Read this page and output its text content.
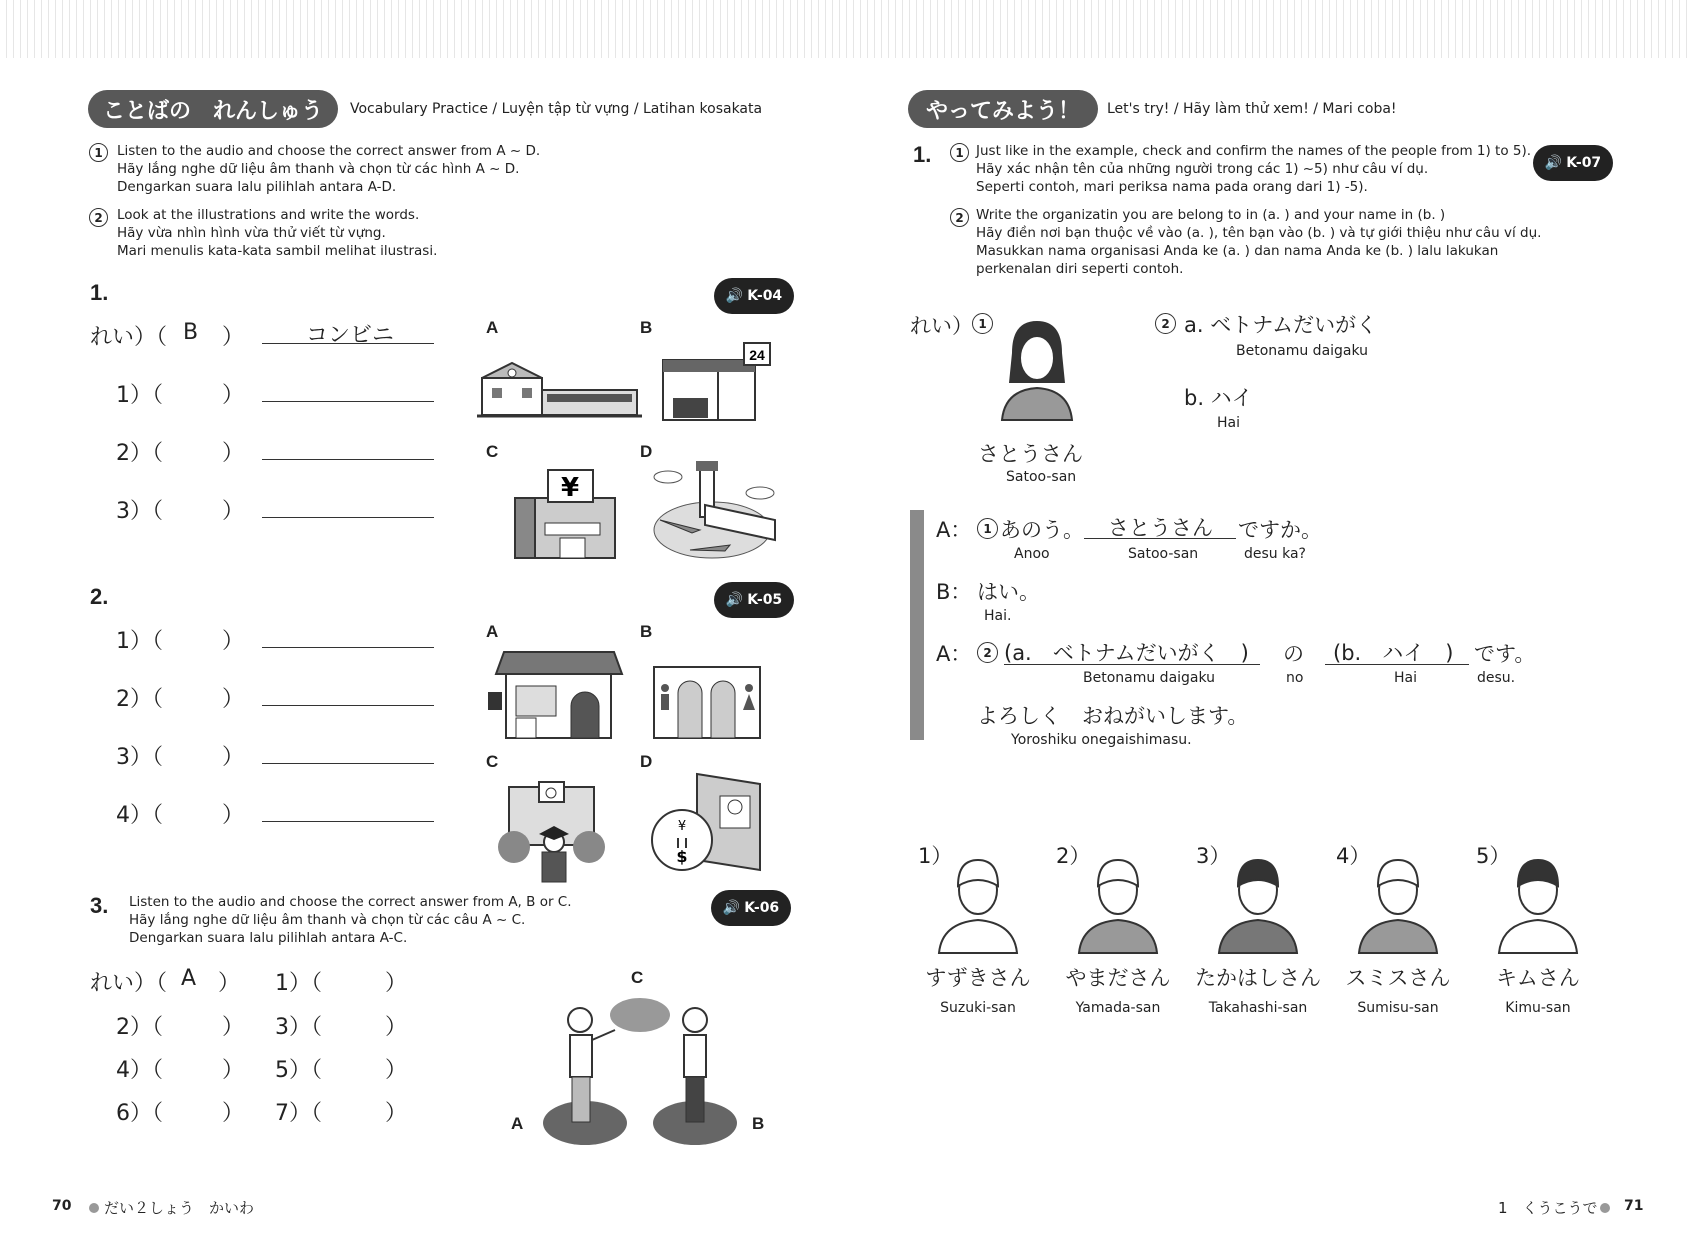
ことばの　れんしゅう Vocabulary Practice / Luyện tập từ vựng / Latihan kosakata
1 Listen to the audio and choose the correct answer from A ~ D.
Hãy lắng nghe dữ liệu âm thanh và chọn từ các hình A ~ D.
Dengarkan suara lalu pilihlah antara A-D.
2 Look at the illustrations and write the words.
Hãy vừa nhìn hình vừa thử viết từ vựng.
Mari menulis kata-kata sambil melihat ilustrasi.
1.	🔊 K-04
れい）（ B ）	コンビニ
1）（	）
2）（	）
3）（	）
A	B
C	D
24
¥
2.	🔊 K-05
1）（	）
2）（	）
3）（	）
4）（	）
A	B
C	D
¥
$
3. Listen to the audio and choose the correct answer from A, B or C.
Hãy lắng nghe dữ liệu âm thanh và chọn từ các câu A ~ C.
Dengarkan suara lalu pilihlah antara A-C.
🔊 K-06
れい）（ A ） 1）（	）
2）（	） 3）（	）
4）（	） 5）（	）
6）（	） 7）（	）
C
A	B
70 だい２しょう　かいわ
やってみよう！ Let's try! / Hãy làm thử xem! / Mari coba!
1. 1 Just like in the example, check and confirm the names of the people from 1) to 5).
Hãy xác nhận tên của những người trong các 1) ~5) như câu ví dụ.
Seperti contoh, mari periksa nama pada orang dari 1) -5).
🔊 K-07
2 Write the organizatin you are belong to in (a. ) and your name in (b. )
Hãy điền nơi bạn thuộc về vào (a. ), tên bạn vào (b. ) và tự giới thiệu như câu ví dụ.
Masukkan nama organisasi Anda ke (a. ) dan nama Anda ke (b. ) lalu lakukan
perkenalan diri seperti contoh.
れい） 1
さとうさん
Satoo-san
2 a. ベトナムだいがく
Betonamu daigaku
b. ハイ
Hai
A： 1 あのう。 さとうさん ですか。
Anoo	Satoo-san	desu ka?
B： はい。
Hai.
A： 2 (a.　ベトナムだいがく　) の (b.　ハイ　) です。
Betonamu daigaku	no	Hai	desu.
よろしく　おねがいします。
Yoroshiku onegaishimasu.
1）
すずきさん
Suzuki-san
2）
やまださん
Yamada-san
3）
たかはしさん
Takahashi-san
4）
スミスさん
Sumisu-san
5）
キムさん
Kimu-san
1　くうこうで 71
